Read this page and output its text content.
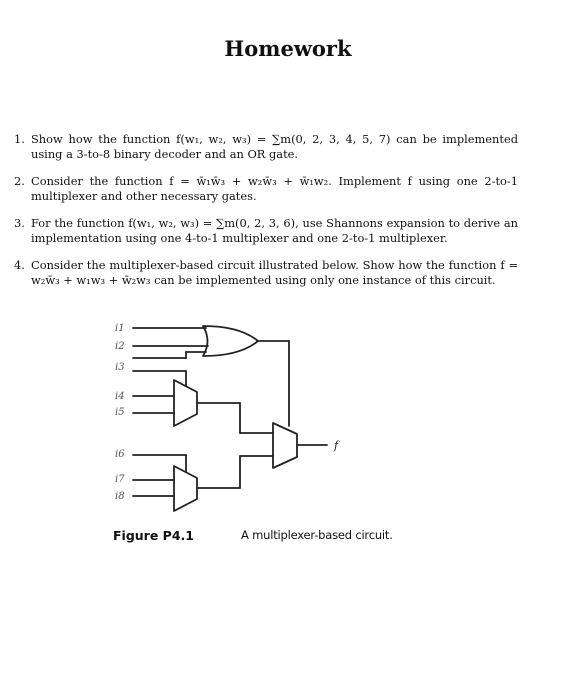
Homework
1. Show how the function f(w₁, w₂, w₃) = ∑m(0, 2, 3, 4, 5, 7) can be implemented using a 3-to-8 binary decoder and an OR gate.
2. Consider the function f = w̄₁w̄₃ + w₂w̄₃ + w̄₁w₂. Implement f using one 2-to-1 multiplexer and other necessary gates.
3. For the function f(w₁, w₂, w₃) = ∑m(0, 2, 3, 6), use Shannons expansion to derive an implementation using one 4-to-1 multiplexer and one 2-to-1 multiplexer.
4. Consider the multiplexer-based circuit illustrated below. Show how the function f = w₂w̄₃ + w₁w₃ + w̄₂w₃ can be implemented using only one instance of this circuit.
i1
i2
i3
i4
i5
i6
i7
i8
f
Figure P4.1	A multiplexer-based circuit.
